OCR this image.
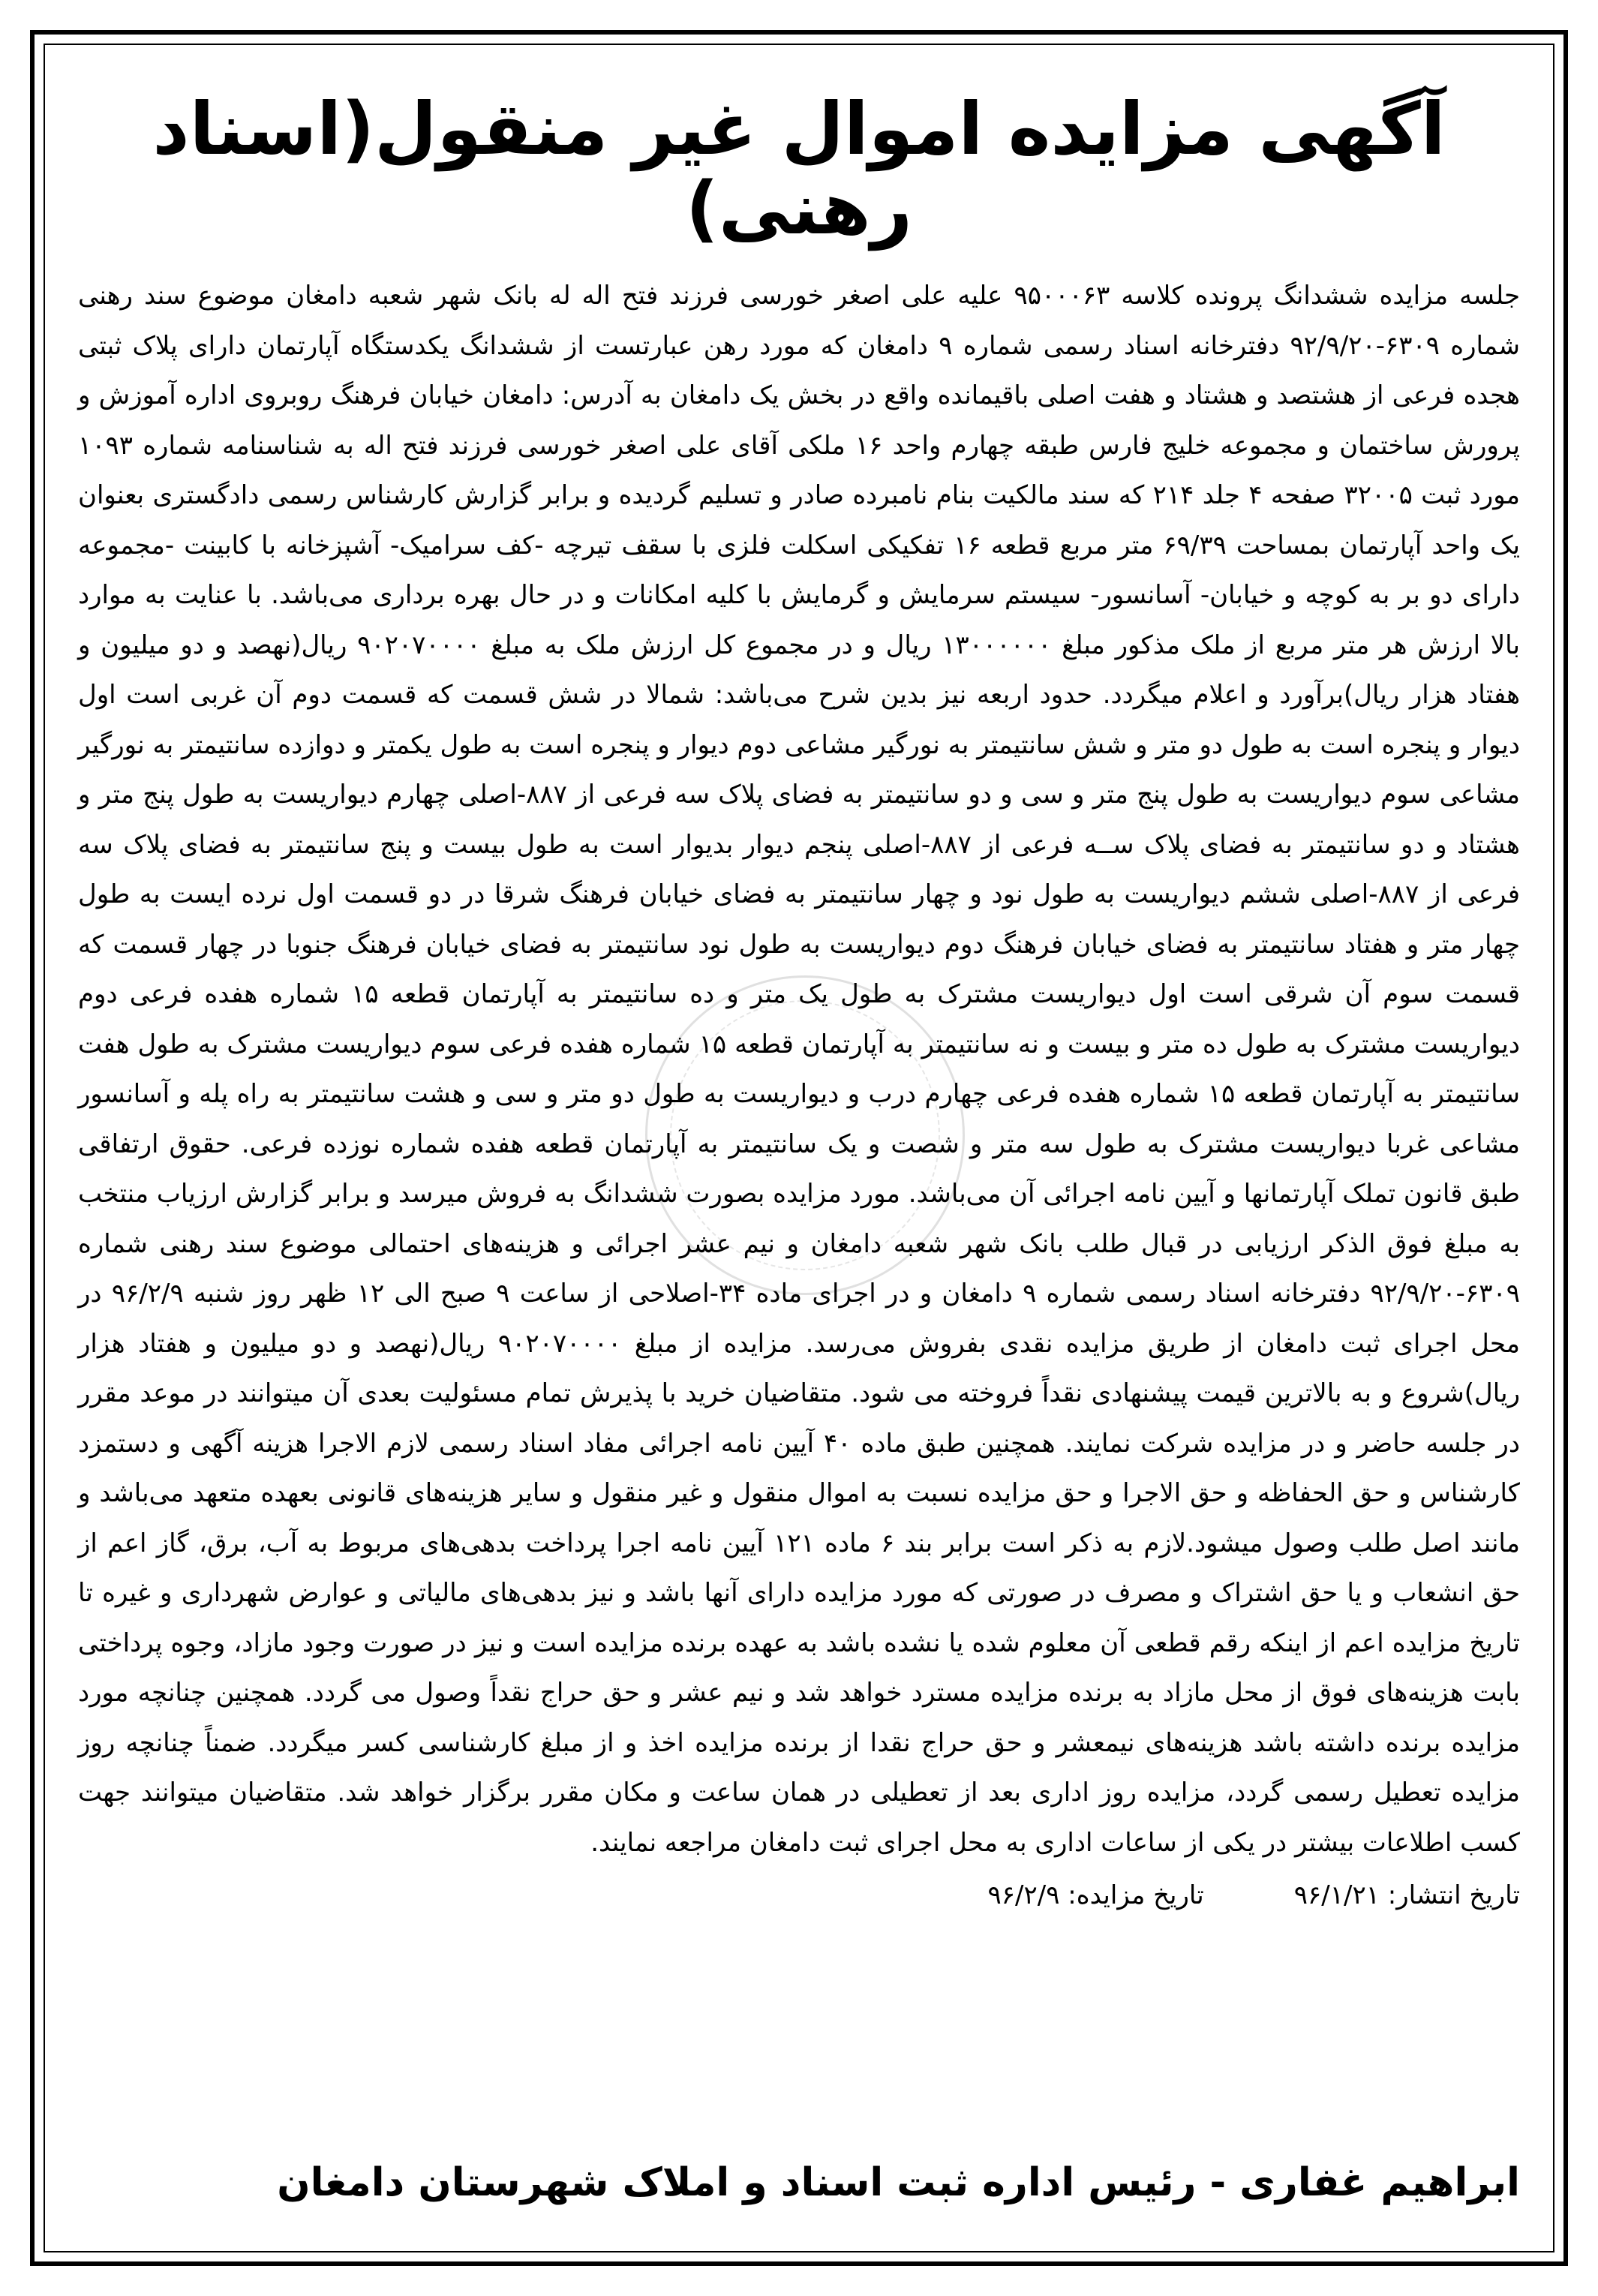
آگهی مزایده اموال غیر منقول(اسناد رهنی)

جلسه مزایده ششدانگ پرونده کلاسه ۹۵۰۰۰۶۳ علیه علی اصغر خورسی فرزند فتح اله له بانک شهر شعبه دامغان موضوع سند رهنی شماره ۶۳۰۹-۹۲/۹/۲۰ دفترخانه اسناد رسمی شماره ۹ دامغان که مورد رهن عبارتست از ششدانگ یکدستگاه آپارتمان دارای پلاک ثبتی هجده فرعی از هشتصد و هشتاد و هفت اصلی باقیمانده واقع در بخش یک دامغان به آدرس: دامغان خیابان فرهنگ روبروی اداره آموزش و پرورش ساختمان و مجموعه خلیج فارس طبقه چهارم واحد ۱۶ ملکی آقای علی اصغر خورسی فرزند فتح اله به شناسنامه شماره ۱۰۹۳ مورد ثبت ۳۲۰۰۵ صفحه ۴ جلد ۲۱۴ که سند مالکیت بنام نامبرده صادر و تسلیم گردیده و برابر گزارش کارشناس رسمی دادگستری بعنوان یک واحد آپارتمان بمساحت ۶۹/۳۹ متر مربع قطعه ۱۶ تفکیکی اسکلت فلزی با سقف تیرچه -کف سرامیک- آشپزخانه با کابینت -مجموعه دارای دو بر به کوچه و خیابان- آسانسور- سیستم سرمایش و گرمایش با کلیه امکانات و در حال بهره برداری می‌باشد. با عنایت به موارد بالا ارزش هر متر مربع از ملک مذکور مبلغ ۱۳۰۰۰۰۰۰ ریال و در مجموع کل ارزش ملک به مبلغ ۹۰۲۰۷۰۰۰۰ ریال(نهصد و دو میلیون و هفتاد هزار ریال)برآورد و اعلام میگردد. حدود اربعه نیز بدین شرح می‌باشد: شمالا در شش قسمت که قسمت دوم آن غربی است اول دیوار و پنجره است به طول دو متر و شش سانتیمتر به نورگیر مشاعی دوم دیوار و پنجره است به طول یکمتر و دوازده سانتیمتر به نورگیر مشاعی سوم دیواریست به طول پنج متر و سی و دو سانتیمتر به فضای پلاک سه فرعی از ۸۸۷-اصلی چهارم دیواریست به طول پنج متر و هشتاد و دو سانتیمتر به فضای پلاک ســه فرعی از ۸۸۷-اصلی پنجم دیوار بدیوار است به طول بیست و پنج سانتیمتر به فضای پلاک سه فرعی از ۸۸۷-اصلی ششم دیواریست به طول نود و چهار سانتیمتر به فضای خیابان فرهنگ شرقا در دو قسمت اول نرده ایست به طول چهار متر و هفتاد سانتیمتر به فضای خیابان فرهنگ دوم دیواریست به طول نود سانتیمتر به فضای خیابان فرهنگ جنوبا در چهار قسمت که قسمت سوم آن شرقی است اول دیواریست مشترک به طول یک متر و ده سانتیمتر به آپارتمان قطعه ۱۵ شماره هفده فرعی دوم دیواریست مشترک به طول ده متر و بیست و نه سانتیمتر به آپارتمان قطعه ۱۵ شماره هفده فرعی سوم دیواریست مشترک به طول هفت سانتیمتر به آپارتمان قطعه ۱۵ شماره هفده فرعی چهارم درب و دیواریست به طول دو متر و سی و هشت سانتیمتر به راه پله و آسانسور مشاعی غربا دیواریست مشترک به طول سه متر و شصت و یک سانتیمتر به آپارتمان قطعه هفده شماره نوزده فرعی. حقوق ارتفاقی طبق قانون تملک آپارتمانها و آیین نامه اجرائی آن می‌باشد. مورد مزایده بصورت ششدانگ به فروش میرسد و برابر گزارش ارزیاب منتخب به مبلغ فوق الذکر ارزیابی در قبال طلب بانک شهر شعبه دامغان و نیم عشر اجرائی و هزینه‌های احتمالی موضوع سند رهنی شماره ۶۳۰۹-۹۲/۹/۲۰ دفترخانه اسناد رسمی شماره ۹ دامغان و در اجرای ماده ۳۴-اصلاحی از ساعت ۹ صبح الی ۱۲ ظهر روز شنبه ۹۶/۲/۹ در محل اجرای ثبت دامغان از طریق مزایده نقدی بفروش می‌رسد. مزایده از مبلغ ۹۰۲۰۷۰۰۰۰ ریال(نهصد و دو میلیون و هفتاد هزار ریال)شروع و به بالاترین قیمت پیشنهادی نقداً فروخته می شود. متقاضیان خرید با پذیرش تمام مسئولیت بعدی آن میتوانند در موعد مقرر در جلسه حاضر و در مزایده شرکت نمایند. همچنین طبق ماده ۴۰ آیین نامه اجرائی مفاد اسناد رسمی لازم الاجرا هزینه آگهی و دستمزد کارشناس و حق الحفاظه و حق الاجرا و حق مزایده نسبت به اموال منقول و غیر منقول و سایر هزینه‌های قانونی بعهده متعهد می‌باشد و مانند اصل طلب وصول میشود.لازم به ذکر است برابر بند ۶ ماده ۱۲۱ آیین نامه اجرا پرداخت بدهی‌های مربوط به آب، برق، گاز اعم از حق انشعاب و یا حق اشتراک و مصرف در صورتی که مورد مزایده دارای آنها باشد و نیز بدهی‌های مالیاتی و عوارض شهرداری و غیره تا تاریخ مزایده اعم از اینکه رقم قطعی آن معلوم شده یا نشده باشد به عهده برنده مزایده است و نیز در صورت وجود مازاد، وجوه پرداختی بابت هزینه‌های فوق از محل مازاد به برنده مزایده مسترد خواهد شد و نیم عشر و حق حراج نقداً وصول می گردد. همچنین چنانچه مورد مزایده برنده داشته باشد هزینه‌های نیمعشر و حق حراج نقدا از برنده مزایده اخذ و از مبلغ کارشناسی کسر میگردد. ضمناً چنانچه روز مزایده تعطیل رسمی گردد، مزایده روز اداری بعد از تعطیلی در همان ساعت و مکان مقرر برگزار خواهد شد. متقاضیان میتوانند جهت کسب اطلاعات بیشتر در یکی از ساعات اداری به محل اجرای ثبت دامغان مراجعه نمایند.

تاریخ انتشار: ۹۶/۱/۲۱
تاریخ مزایده: ۹۶/۲/۹
ابراهیم غفاری - رئیس اداره ثبت اسناد و املاک شهرستان دامغان
